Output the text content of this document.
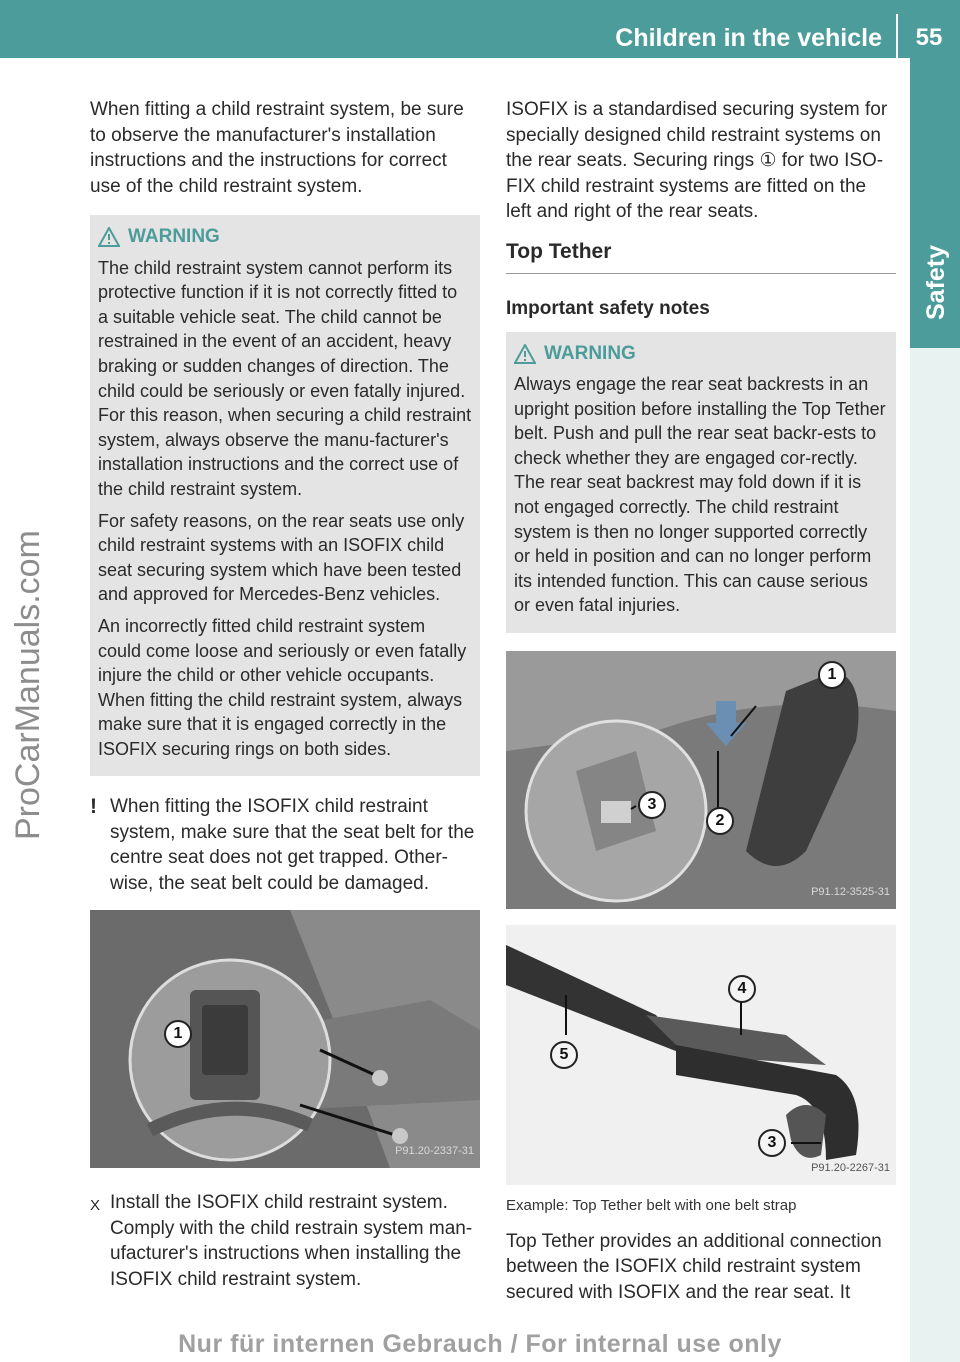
Children in the vehicle	55
Safety
ProCarManuals.com

When fitting a child restraint system, be sure to observe the manufacturer's installation instructions and the instructions for correct use of the child restraint system.

WARNING

The child restraint system cannot perform its protective function if it is not correctly fitted to a suitable vehicle seat. The child cannot be restrained in the event of an accident, heavy braking or sudden changes of direction. The child could be seriously or even fatally injured. For this reason, when securing a child restraint system, always observe the manu-facturer's installation instructions and the correct use of the child restraint system.

For safety reasons, on the rear seats use only child restraint systems with an ISOFIX child seat securing system which have been tested and approved for Mercedes-Benz vehicles.

An incorrectly fitted child restraint system could come loose and seriously or even fatally injure the child or other vehicle occupants. When fitting the child restraint system, always make sure that it is engaged correctly in the ISOFIX securing rings on both sides.

! When fitting the ISOFIX child restraint system, make sure that the seat belt for the centre seat does not get trapped. Other-wise, the seat belt could be damaged.
1
P91.20-2337-31
X Install the ISOFIX child restraint system. Comply with the child restrain system man-ufacturer's instructions when installing the ISOFIX child restraint system.

ISOFIX is a standardised securing system for specially designed child restraint systems on the rear seats. Securing rings ① for two ISO-FIX child restraint systems are fitted on the left and right of the rear seats.

Top Tether
Important safety notes
WARNING

Always engage the rear seat backrests in an upright position before installing the Top Tether belt. Push and pull the rear seat backr-ests to check whether they are engaged cor-rectly. The rear seat backrest may fold down if it is not engaged correctly. The child restraint system is then no longer supported correctly or held in position and can no longer perform its intended function. This can cause serious or even fatal injuries.

1
2
3
P91.12-3525-31
4
5
3
P91.20-2267-31
Example: Top Tether belt with one belt strap

Top Tether provides an additional connection between the ISOFIX child restraint system secured with ISOFIX and the rear seat. It

Nur für internen Gebrauch / For internal use only
